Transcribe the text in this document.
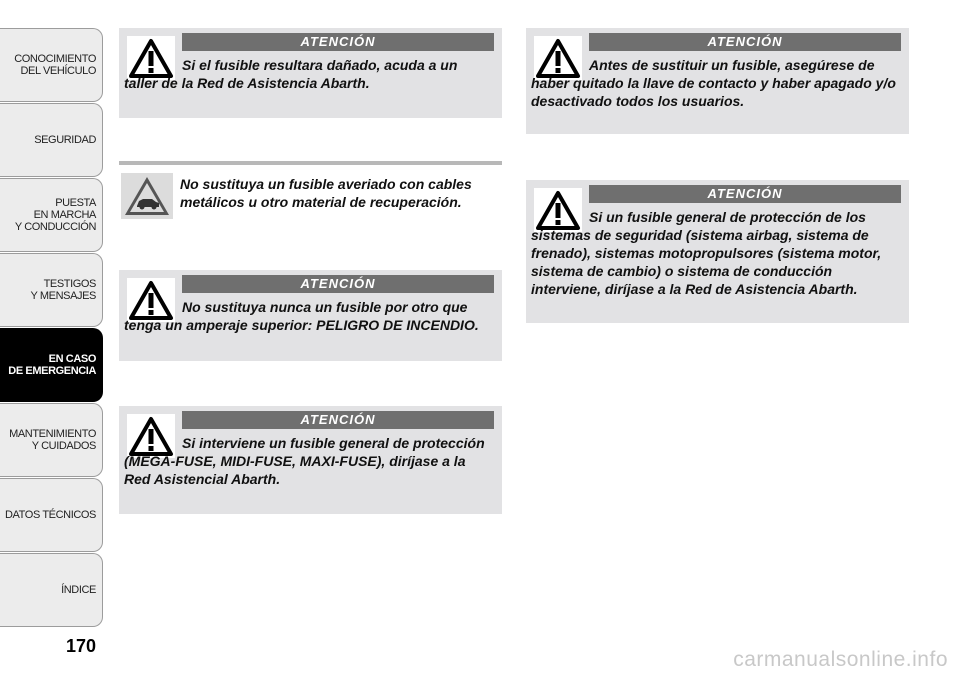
CONOCIMIENTO
DEL VEHÍCULO
SEGURIDAD
PUESTA
EN MARCHA
Y CONDUCCIÓN
TESTIGOS
Y MENSAJES
EN CASO
DE EMERGENCIA
MANTENIMIENTO
Y CUIDADOS
DATOS TÉCNICOS
ÍNDICE
170
ATENCIÓN
Si el fusible resultara dañado, acuda a un taller de la Red de Asistencia Abarth.
No sustituya un fusible averiado con cables metálicos u otro material de recuperación.
ATENCIÓN
No sustituya nunca un fusible por otro que tenga un amperaje superior: PELIGRO DE INCENDIO.
ATENCIÓN
Si interviene un fusible general de protección (MEGA-FUSE, MIDI-FUSE, MAXI-FUSE), diríjase a la Red Asistencial Abarth.
ATENCIÓN
Antes de sustituir un fusible, asegúrese de haber quitado la llave de contacto y haber apagado y/o desactivado todos los usuarios.
ATENCIÓN
Si un fusible general de protección de los sistemas de seguridad (sistema airbag, sistema de frenado), sistemas motopropulsores (sistema motor, sistema de cambio) o sistema de conducción interviene, diríjase a la Red de Asistencia Abarth.
carmanualsonline.info
